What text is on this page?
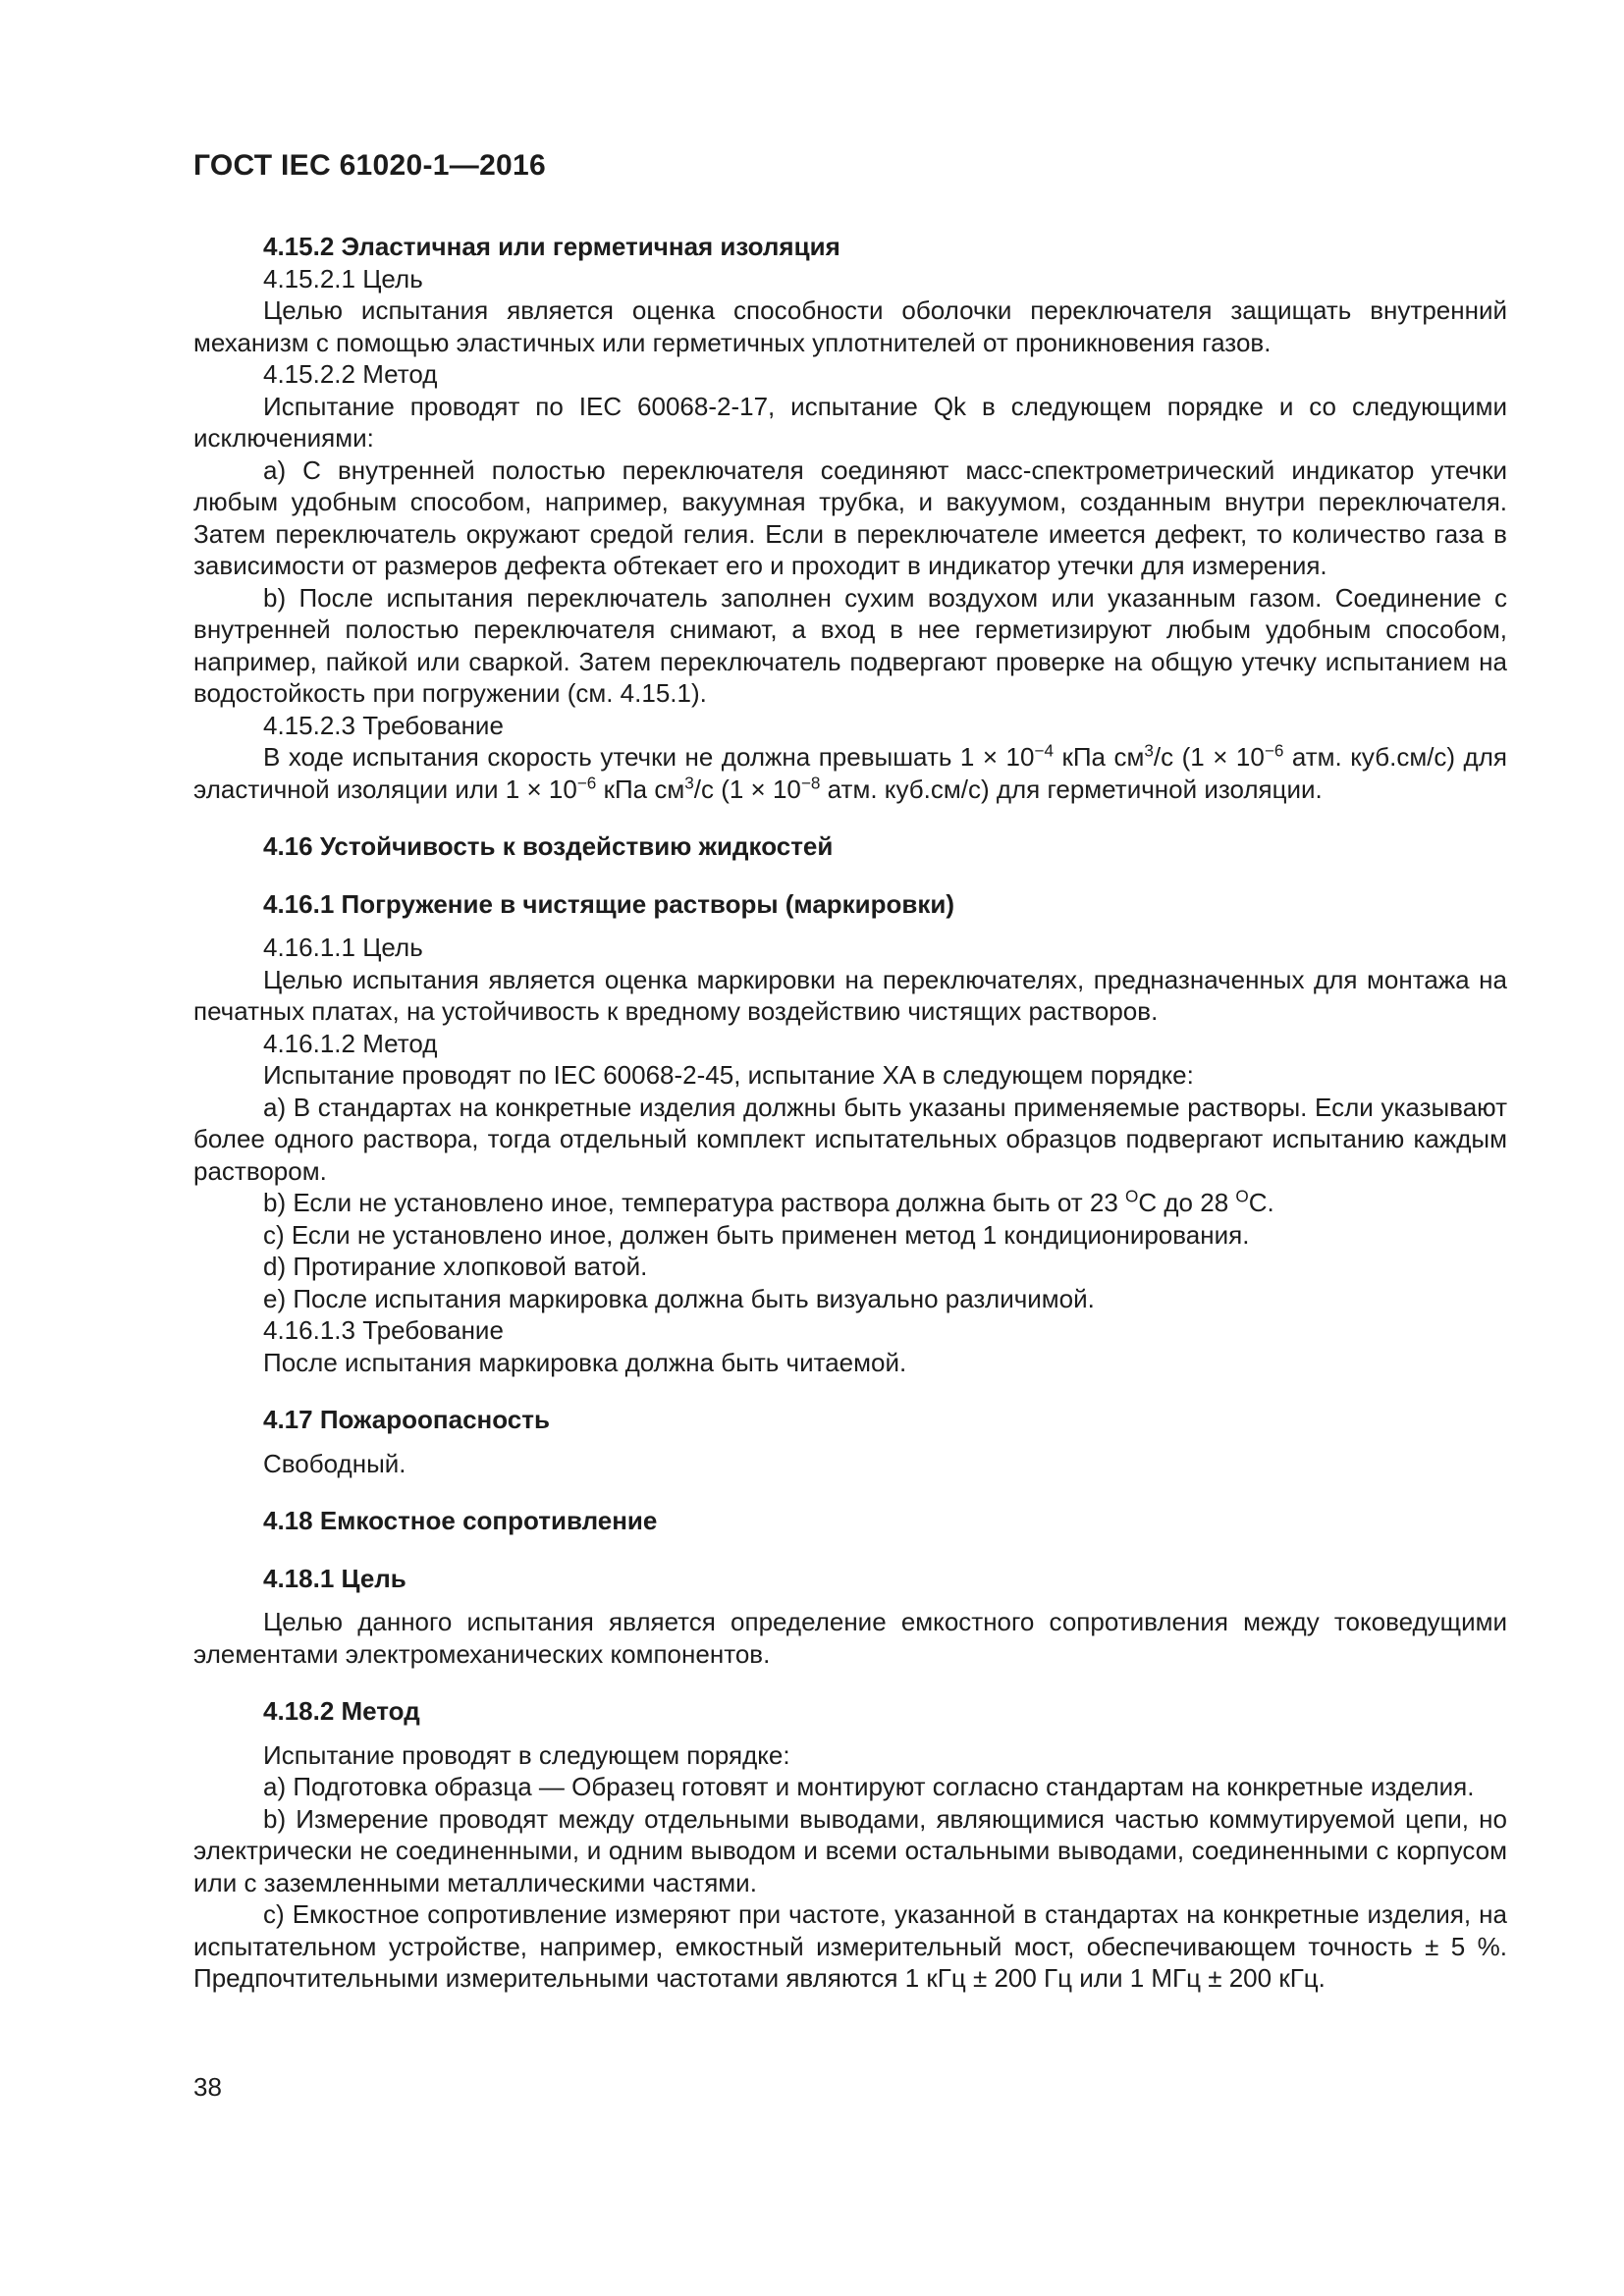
ГОСТ IEC 61020-1—2016

4.15.2 Эластичная или герметичная изоляция

4.15.2.1 Цель

Целью испытания является оценка способности оболочки переключателя защищать внутренний механизм с помощью эластичных или герметичных уплотнителей от проникновения газов.

4.15.2.2 Метод

Испытание проводят по IEC 60068-2-17, испытание Qk в следующем порядке и со следующими исключениями:

a) С внутренней полостью переключателя соединяют масс-спектрометрический индикатор утечки любым удобным способом, например, вакуумная трубка, и вакуумом, созданным внутри переключателя. Затем переключатель окружают средой гелия. Если в переключателе имеется дефект, то количество газа в зависимости от размеров дефекта обтекает его и проходит в индикатор утечки для измерения.

b) После испытания переключатель заполнен сухим воздухом или указанным газом. Соединение с внутренней полостью переключателя снимают, а вход в нее герметизируют любым удобным способом, например, пайкой или сваркой. Затем переключатель подвергают проверке на общую утечку испытанием на водостойкость при погружении (см. 4.15.1).

4.15.2.3 Требование

В ходе испытания скорость утечки не должна превышать $1 \times 10^{-4}$ кПа $см^3/с$ ($1 \times 10^{-6}$ атм. куб.см/с) для эластичной изоляции или $1 \times 10^{-6}$ кПа $см^3/с$ ($1 \times 10^{-8}$ атм. куб.см/с) для герметичной изоляции.

4.16 Устойчивость к воздействию жидкостей

4.16.1 Погружение в чистящие растворы (маркировки)

4.16.1.1 Цель

Целью испытания является оценка маркировки на переключателях, предназначенных для монтажа на печатных платах, на устойчивость к вредному воздействию чистящих растворов.

4.16.1.2 Метод

Испытание проводят по IEC 60068-2-45, испытание XA в следующем порядке:

a) В стандартах на конкретные изделия должны быть указаны применяемые растворы. Если указывают более одного раствора, тогда отдельный комплект испытательных образцов подвергают испытанию каждым раствором.

b) Если не установлено иное, температура раствора должна быть от 23 $^О$С до 28 $^О$С.

c) Если не установлено иное, должен быть применен метод 1 кондиционирования.

d) Протирание хлопковой ватой.

e) После испытания маркировка должна быть визуально различимой.

4.16.1.3 Требование

После испытания маркировка должна быть читаемой.

4.17 Пожароопасность

Свободный.

4.18 Емкостное сопротивление

4.18.1 Цель

Целью данного испытания является определение емкостного сопротивления между токоведущими элементами электромеханических компонентов.

4.18.2 Метод

Испытание проводят в следующем порядке:

a) Подготовка образца — Образец готовят и монтируют согласно стандартам на конкретные изделия.

b) Измерение проводят между отдельными выводами, являющимися частью коммутируемой цепи, но электрически не соединенными, и одним выводом и всеми остальными выводами, соединенными с корпусом или с заземленными металлическими частями.

c) Емкостное сопротивление измеряют при частоте, указанной в стандартах на конкретные изделия, на испытательном устройстве, например, емкостный измерительный мост, обеспечивающем точность ± 5 %. Предпочтительными измерительными частотами являются 1 кГц ± 200 Гц или 1 МГц ± 200 кГц.

38
